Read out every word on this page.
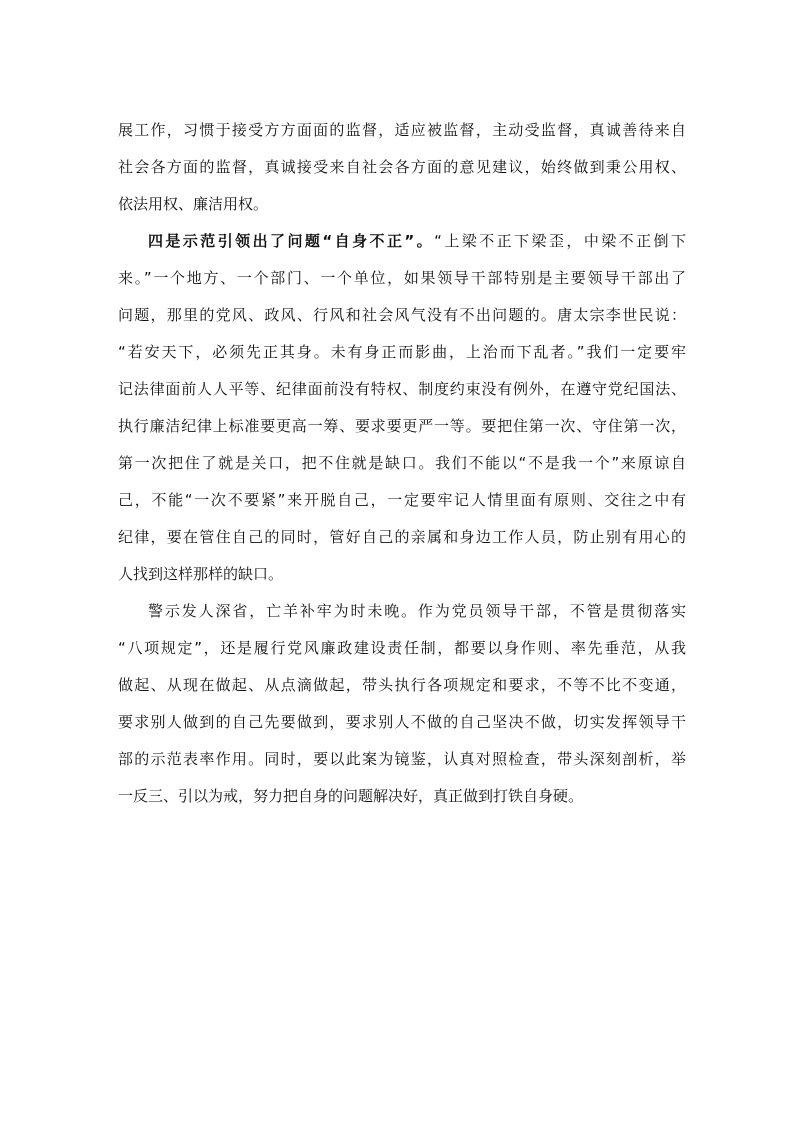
展工作，习惯于接受方方面面的监督，适应被监督，主动受监督，真诚善待来自
社会各方面的监督，真诚接受来自社会各方面的意见建议，始终做到秉公用权、
依法用权、廉洁用权。
四是示范引领出了问题“自身不正”。“上梁不正下梁歪，中梁不正倒下
来。”一个地方、一个部门、一个单位，如果领导干部特别是主要领导干部出了
问题，那里的党风、政风、行风和社会风气没有不出问题的。唐太宗李世民说：
“若安天下，必须先正其身。未有身正而影曲，上治而下乱者。”我们一定要牢
记法律面前人人平等、纪律面前没有特权、制度约束没有例外，在遵守党纪国法、
执行廉洁纪律上标准要更高一筹、要求要更严一等。要把住第一次、守住第一次，
第一次把住了就是关口，把不住就是缺口。我们不能以“不是我一个”来原谅自
己，不能“一次不要紧”来开脱自己，一定要牢记人情里面有原则、交往之中有
纪律，要在管住自己的同时，管好自己的亲属和身边工作人员，防止别有用心的
人找到这样那样的缺口。
警示发人深省，亡羊补牢为时未晚。作为党员领导干部，不管是贯彻落实
“八项规定”，还是履行党风廉政建设责任制，都要以身作则、率先垂范，从我
做起、从现在做起、从点滴做起，带头执行各项规定和要求，不等不比不变通，
要求别人做到的自己先要做到，要求别人不做的自己坚决不做，切实发挥领导干
部的示范表率作用。同时，要以此案为镜鉴，认真对照检查，带头深刻剖析，举
一反三、引以为戒，努力把自身的问题解决好，真正做到打铁自身硬。
